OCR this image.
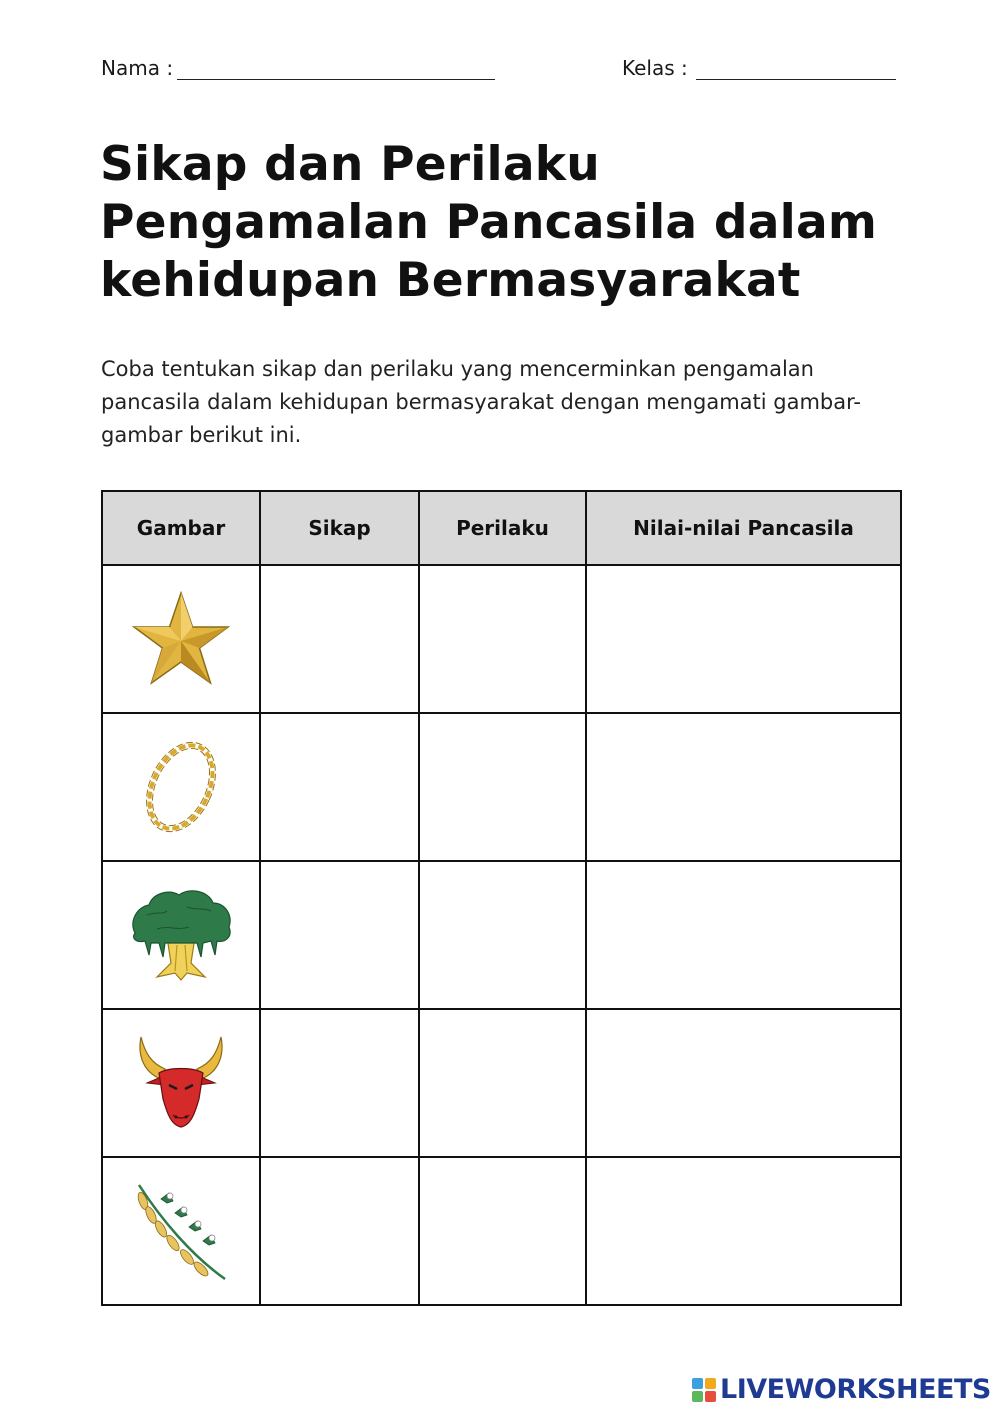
Nama :	Kelas :
Sikap dan Perilaku Pengamalan Pancasila dalam kehidupan Bermasyarakat

Coba tentukan sikap dan perilaku yang mencerminkan pengamalan pancasila dalam kehidupan bermasyarakat dengan mengamati gambar-gambar berikut ini.

Gambar	Sikap	Perilaku	Nilai-nilai Pancasila

LIVEWORKSHEETS
